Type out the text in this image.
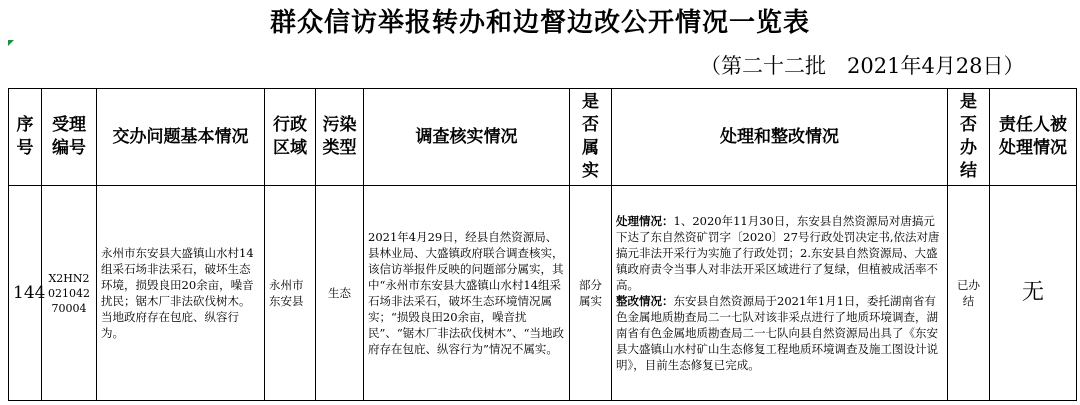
群众信访举报转办和边督边改公开情况一览表
（第二十二批　2021年4月28日）
序号	受理编号	交办问题基本情况	行政区域	污染类型	调查核实情况	是否属实	处理和整改情况	是否办结	责任人被处理情况
144	X2HN202104270004	永州市东安县大盛镇山水村14组采石场非法采石，破坏生态环境，损毁良田20余亩，噪音扰民；锯木厂非法砍伐树木。当地政府存在包庇、纵容行为。	永州市东安县	生态	2021年4月29日，经县自然资源局、县林业局、大盛镇政府联合调查核实，该信访举报件反映的问题部分属实，其中“永州市东安县大盛镇山水村14组采石场非法采石，破坏生态环境情况属实；“损毁良田20余亩，噪音扰民”、“锯木厂非法砍伐树木”、“当地政府存在包庇、纵容行为”情况不属实。	部分属实	处理情况：1、2020年11月30日，东安县自然资源局对唐搞元下达了东自然资矿罚字〔2020〕27号行政处罚决定书,依法对唐搞元非法开采行为实施了行政处罚；2.东安县自然资源局、大盛镇政府责令当事人对非法开采区域进行了复绿，但植被成活率不高。
整改情况：东安县自然资源局于2021年1月1日，委托湖南省有色金属地质勘查局二一七队对该非采点进行了地质环境调查，湖南省有色金属地质勘查局二一七队向县自然资源局出具了《东安县大盛镇山水村矿山生态修复工程地质环境调查及施工图设计说明》，目前生态修复已完成。	已办结	无
